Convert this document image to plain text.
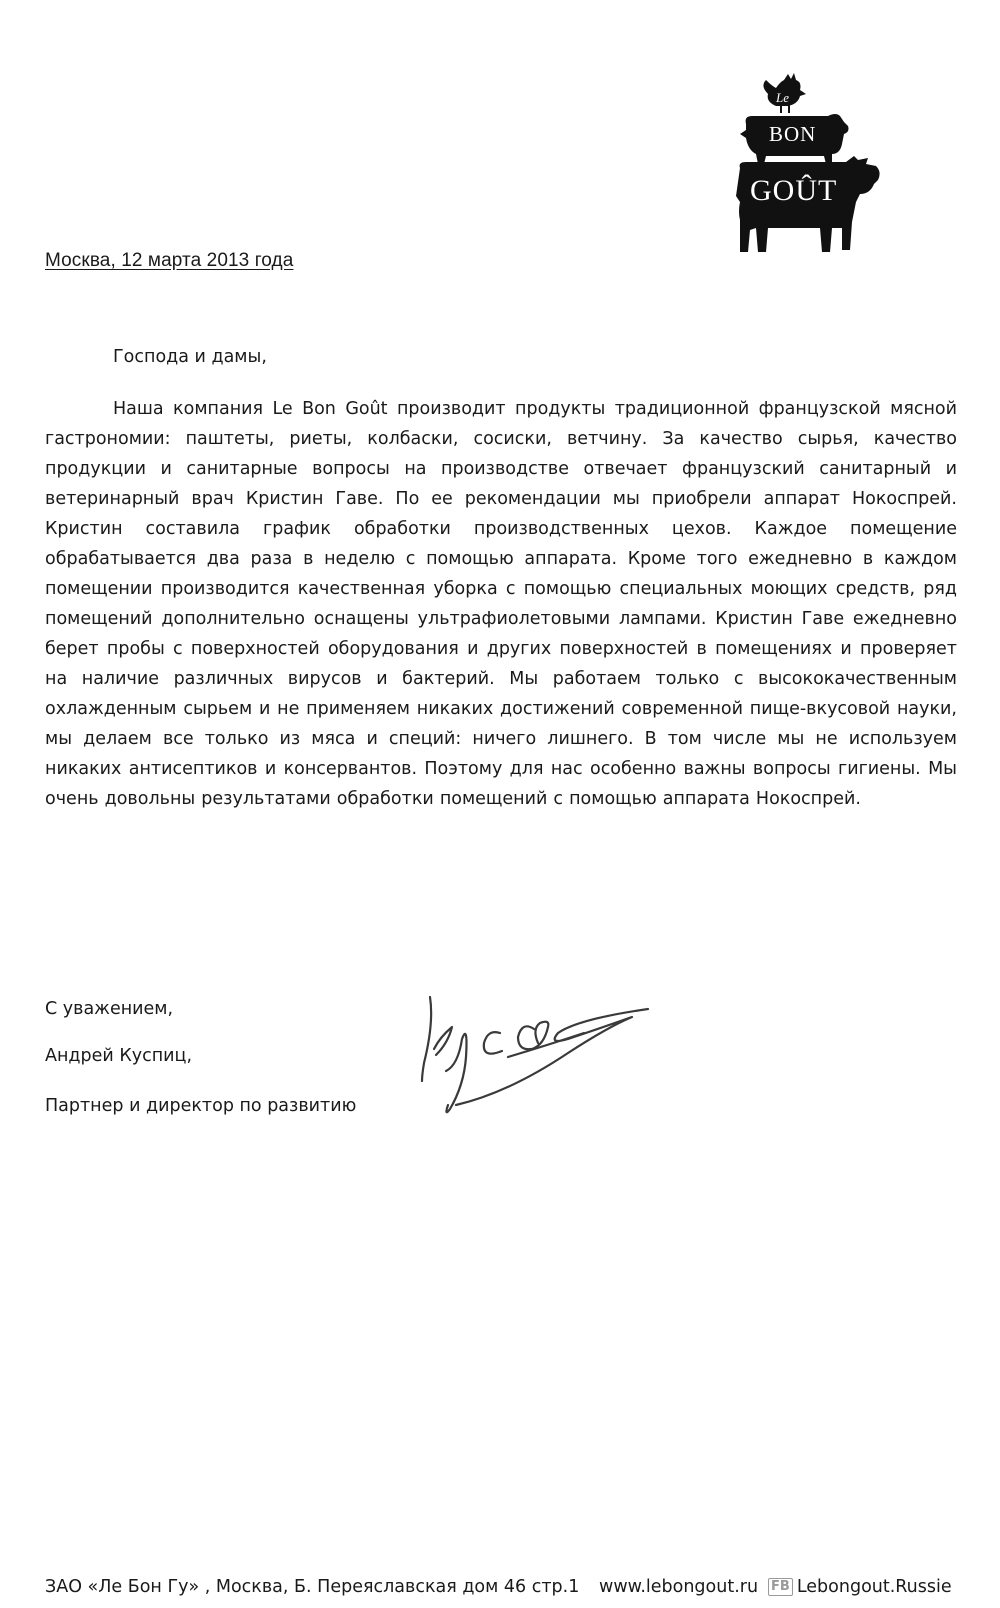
Le
BON
GOÛT
Москва, 12 марта 2013 года
Господа и дамы,

Наша компания Le Bon Goût производит продукты традиционной французской мясной гастрономии: паштеты, риеты, колбаски, сосиски, ветчину. За качество сырья, качество продукции и санитарные вопросы на производстве отвечает французский санитарный и ветеринарный врач Кристин Гаве. По ее рекомендации мы приобрели аппарат Нокоспрей. Кристин составила график обработки производственных цехов. Каждое помещение обрабатывается два раза в неделю с помощью аппарата. Кроме того ежедневно в каждом помещении производится качественная уборка с помощью специальных моющих средств, ряд помещений дополнительно оснащены ультрафиолетовыми лампами. Кристин Гаве ежедневно берет пробы с поверхностей оборудования и других поверхностей в помещениях и проверяет на наличие различных вирусов и бактерий. Мы работаем только с высококачественным охлажденным сырьем и не применяем никаких достижений современной пище-вкусовой науки, мы делаем все только из мяса и специй: ничего лишнего. В том числе мы не используем никаких антисептиков и консервантов. Поэтому для нас особенно важны вопросы гигиены. Мы очень довольны результатами обработки помещений с помощью аппарата Нокоспрей.

С уважением,
Андрей Куспиц,
Партнер и директор по развитию
ЗАО «Ле Бон Гу» , Москва, Б. Переяславская дом 46 стр.1 www.lebongout.ru FB Lebongout.Russie
